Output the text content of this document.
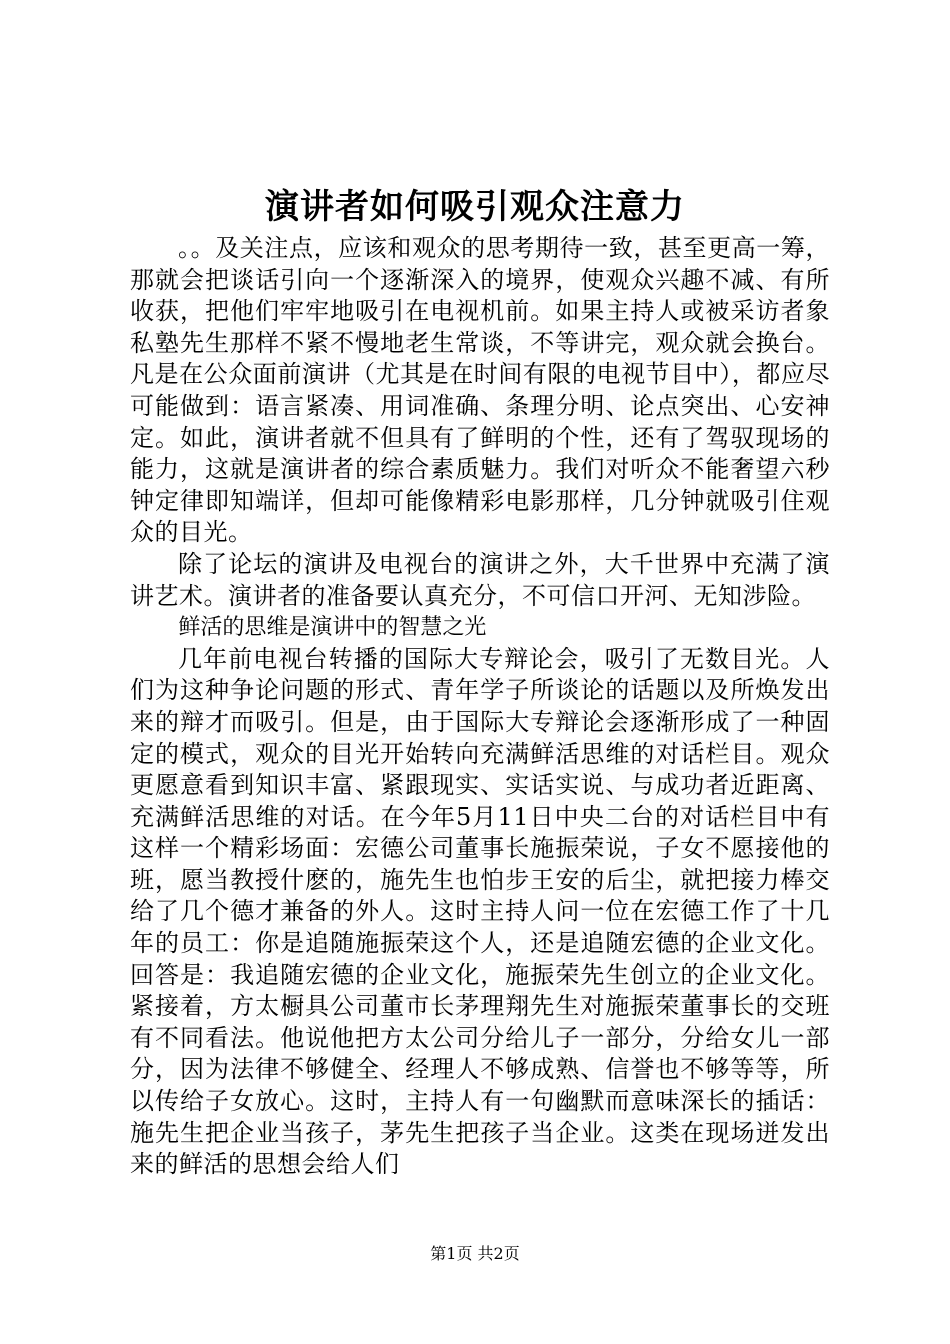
演讲者如何吸引观众注意力

。。及关注点，应该和观众的思考期待一致，甚至更高一筹，那就会把谈话引向一个逐渐深入的境界，使观众兴趣不减、有所收获，把他们牢牢地吸引在电视机前。如果主持人或被采访者象私塾先生那样不紧不慢地老生常谈，不等讲完，观众就会换台。凡是在公众面前演讲（尤其是在时间有限的电视节目中），都应尽可能做到：语言紧凑、用词准确、条理分明、论点突出、心安神定。如此，演讲者就不但具有了鲜明的个性，还有了驾驭现场的能力，这就是演讲者的综合素质魅力。我们对听众不能奢望六秒钟定律即知端详，但却可能像精彩电影那样，几分钟就吸引住观众的目光。

除了论坛的演讲及电视台的演讲之外，大千世界中充满了演讲艺术。演讲者的准备要认真充分，不可信口开河、无知涉险。

鲜活的思维是演讲中的智慧之光

几年前电视台转播的国际大专辩论会，吸引了无数目光。人们为这种争论问题的形式、青年学子所谈论的话题以及所焕发出来的辩才而吸引。但是，由于国际大专辩论会逐渐形成了一种固定的模式，观众的目光开始转向充满鲜活思维的对话栏目。观众更愿意看到知识丰富、紧跟现实、实话实说、与成功者近距离、充满鲜活思维的对话。在今年5月11日中央二台的对话栏目中有这样一个精彩场面：宏德公司董事长施振荣说，子女不愿接他的班，愿当教授什麽的，施先生也怕步王安的后尘，就把接力棒交给了几个德才兼备的外人。这时主持人问一位在宏德工作了十几年的员工：你是追随施振荣这个人，还是追随宏德的企业文化。回答是：我追随宏德的企业文化，施振荣先生创立的企业文化。紧接着，方太橱具公司董市长茅理翔先生对施振荣董事长的交班有不同看法。他说他把方太公司分给儿子一部分，分给女儿一部分，因为法律不够健全、经理人不够成熟、信誉也不够等等，所以传给子女放心。这时，主持人有一句幽默而意味深长的插话：施先生把企业当孩子，茅先生把孩子当企业。这类在现场迸发出来的鲜活的思想会给人们

第1页 共2页
